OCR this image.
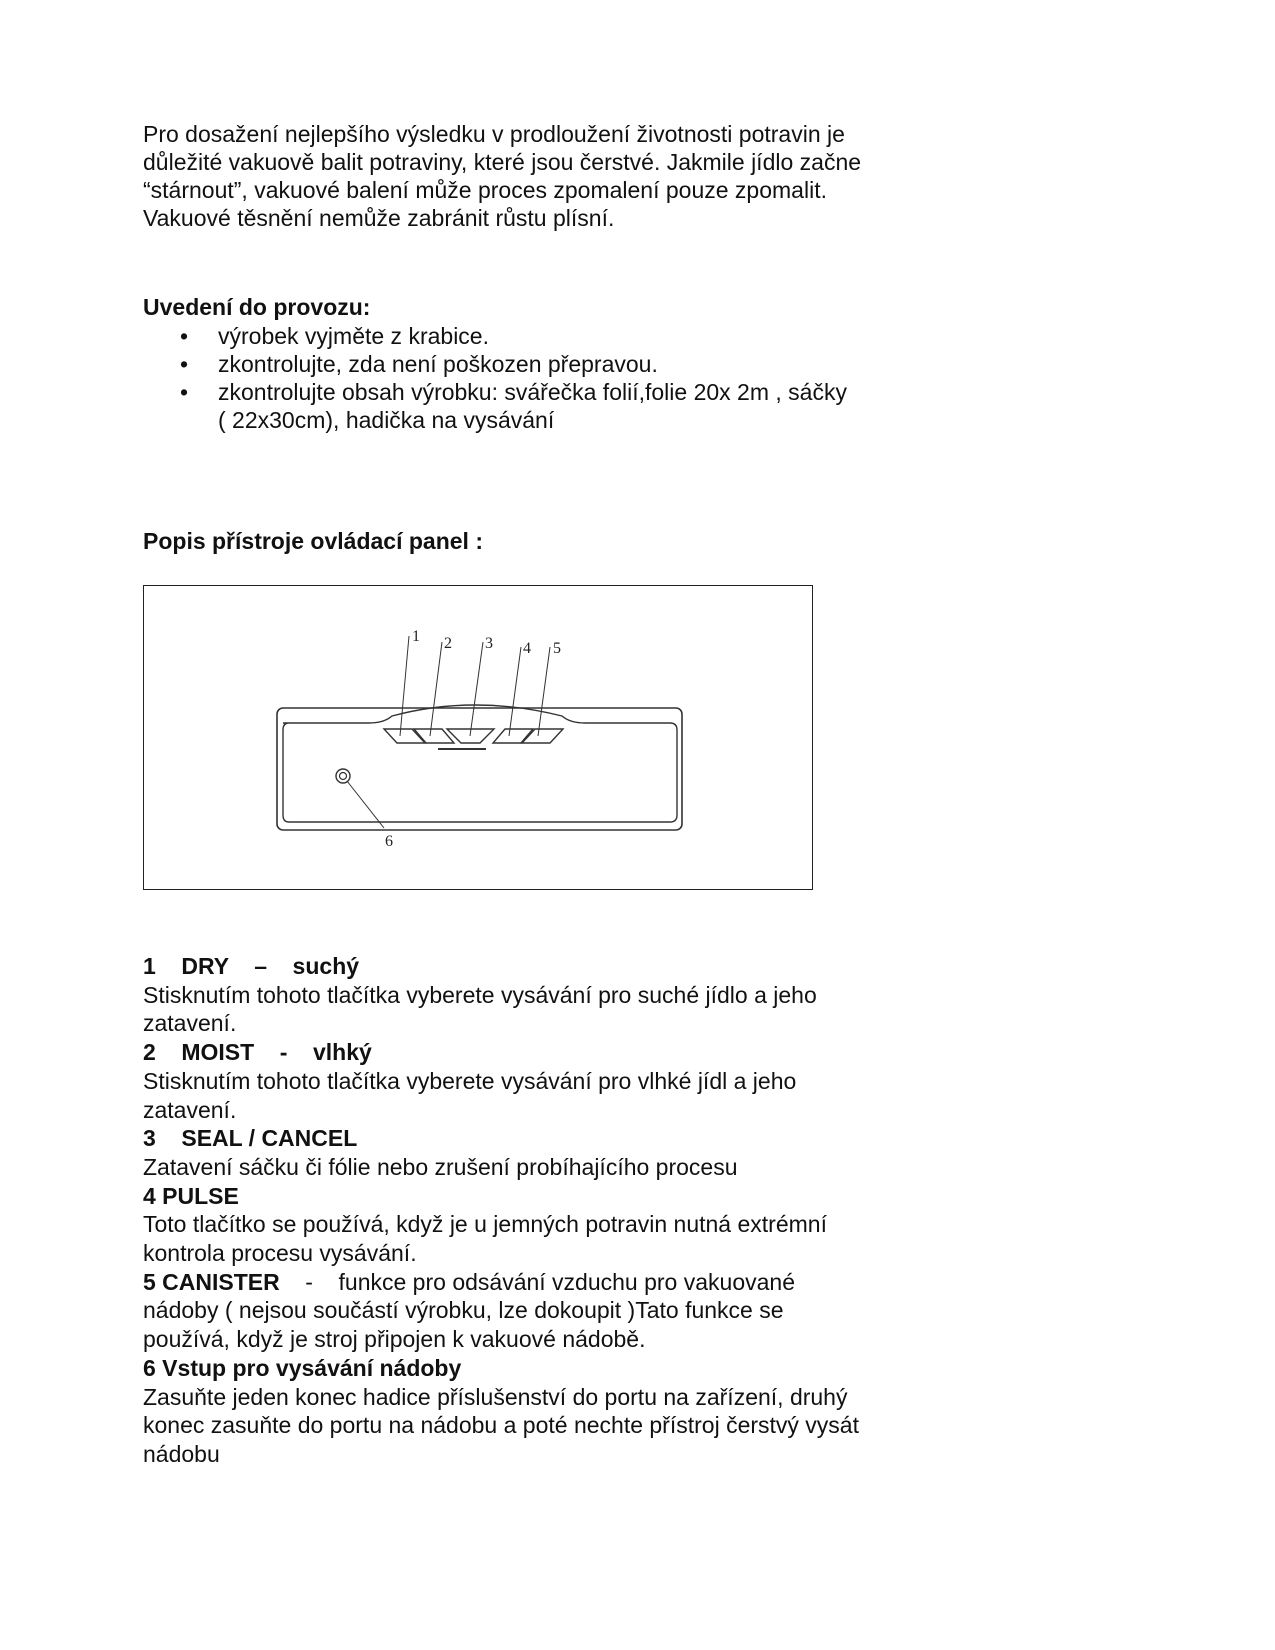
Pro dosažení nejlepšího výsledku v prodloužení životnosti potravin je
důležité vakuově balit potraviny, které jsou čerstvé. Jakmile jídlo začne
“stárnout”, vakuové balení může proces zpomalení pouze zpomalit.
Vakuové těsnění nemůže zabránit růstu plísní.

Uvedení do provozu:

• výrobek vyjměte z krabice.
• zkontrolujte, zda není poškozen přepravou.
• zkontrolujte obsah výrobku: svářečka folií,folie 20x 2m , sáčky
( 22x30cm), hadička na vysávání

Popis přístroje ovládací panel :

1 2 3 4 5
6
1    DRY    –    suchý
Stisknutím tohoto tlačítka vyberete vysávání pro suché jídlo a jeho
zatavení.
2    MOIST    -    vlhký
Stisknutím tohoto tlačítka vyberete vysávání pro vlhké jídl a jeho
zatavení.
3    SEAL / CANCEL
Zatavení sáčku či fólie nebo zrušení probíhajícího procesu
4 PULSE
Toto tlačítko se používá, když je u jemných potravin nutná extrémní
kontrola procesu vysávání.
5 CANISTER    -    funkce pro odsávání vzduchu pro vakuované
nádoby ( nejsou součástí výrobku, lze dokoupit )Tato funkce se
používá, když je stroj připojen k vakuové nádobě.
6 Vstup pro vysávání nádoby
Zasuňte jeden konec hadice příslušenství do portu na zařízení, druhý
konec zasuňte do portu na nádobu a poté nechte přístroj čerstvý vysát
nádobu
